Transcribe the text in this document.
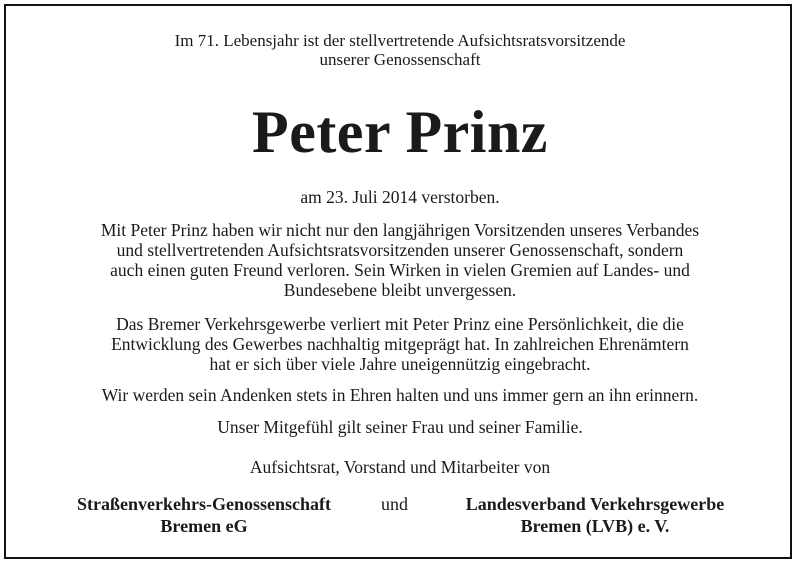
Im 71. Lebensjahr ist der stellvertretende Aufsichtsratsvorsitzende
unserer Genossenschaft
Peter Prinz
am 23. Juli 2014 verstorben.
Mit Peter Prinz haben wir nicht nur den langjährigen Vorsitzenden unseres Verbandes
und stellvertretenden Aufsichtsratsvorsitzenden unserer Genossenschaft, sondern
auch einen guten Freund verloren. Sein Wirken in vielen Gremien auf Landes- und
Bundesebene bleibt unvergessen.
Das Bremer Verkehrsgewerbe verliert mit Peter Prinz eine Persönlichkeit, die die
Entwicklung des Gewerbes nachhaltig mitgeprägt hat. In zahlreichen Ehrenämtern
hat er sich über viele Jahre uneigennützig eingebracht.
Wir werden sein Andenken stets in Ehren halten und uns immer gern an ihn erinnern.
Unser Mitgefühl gilt seiner Frau und seiner Familie.
Aufsichtsrat, Vorstand und Mitarbeiter von
Straßenverkehrs-Genossenschaft
Bremen eG
und	Landesverband Verkehrsgewerbe
Bremen (LVB) e. V.
